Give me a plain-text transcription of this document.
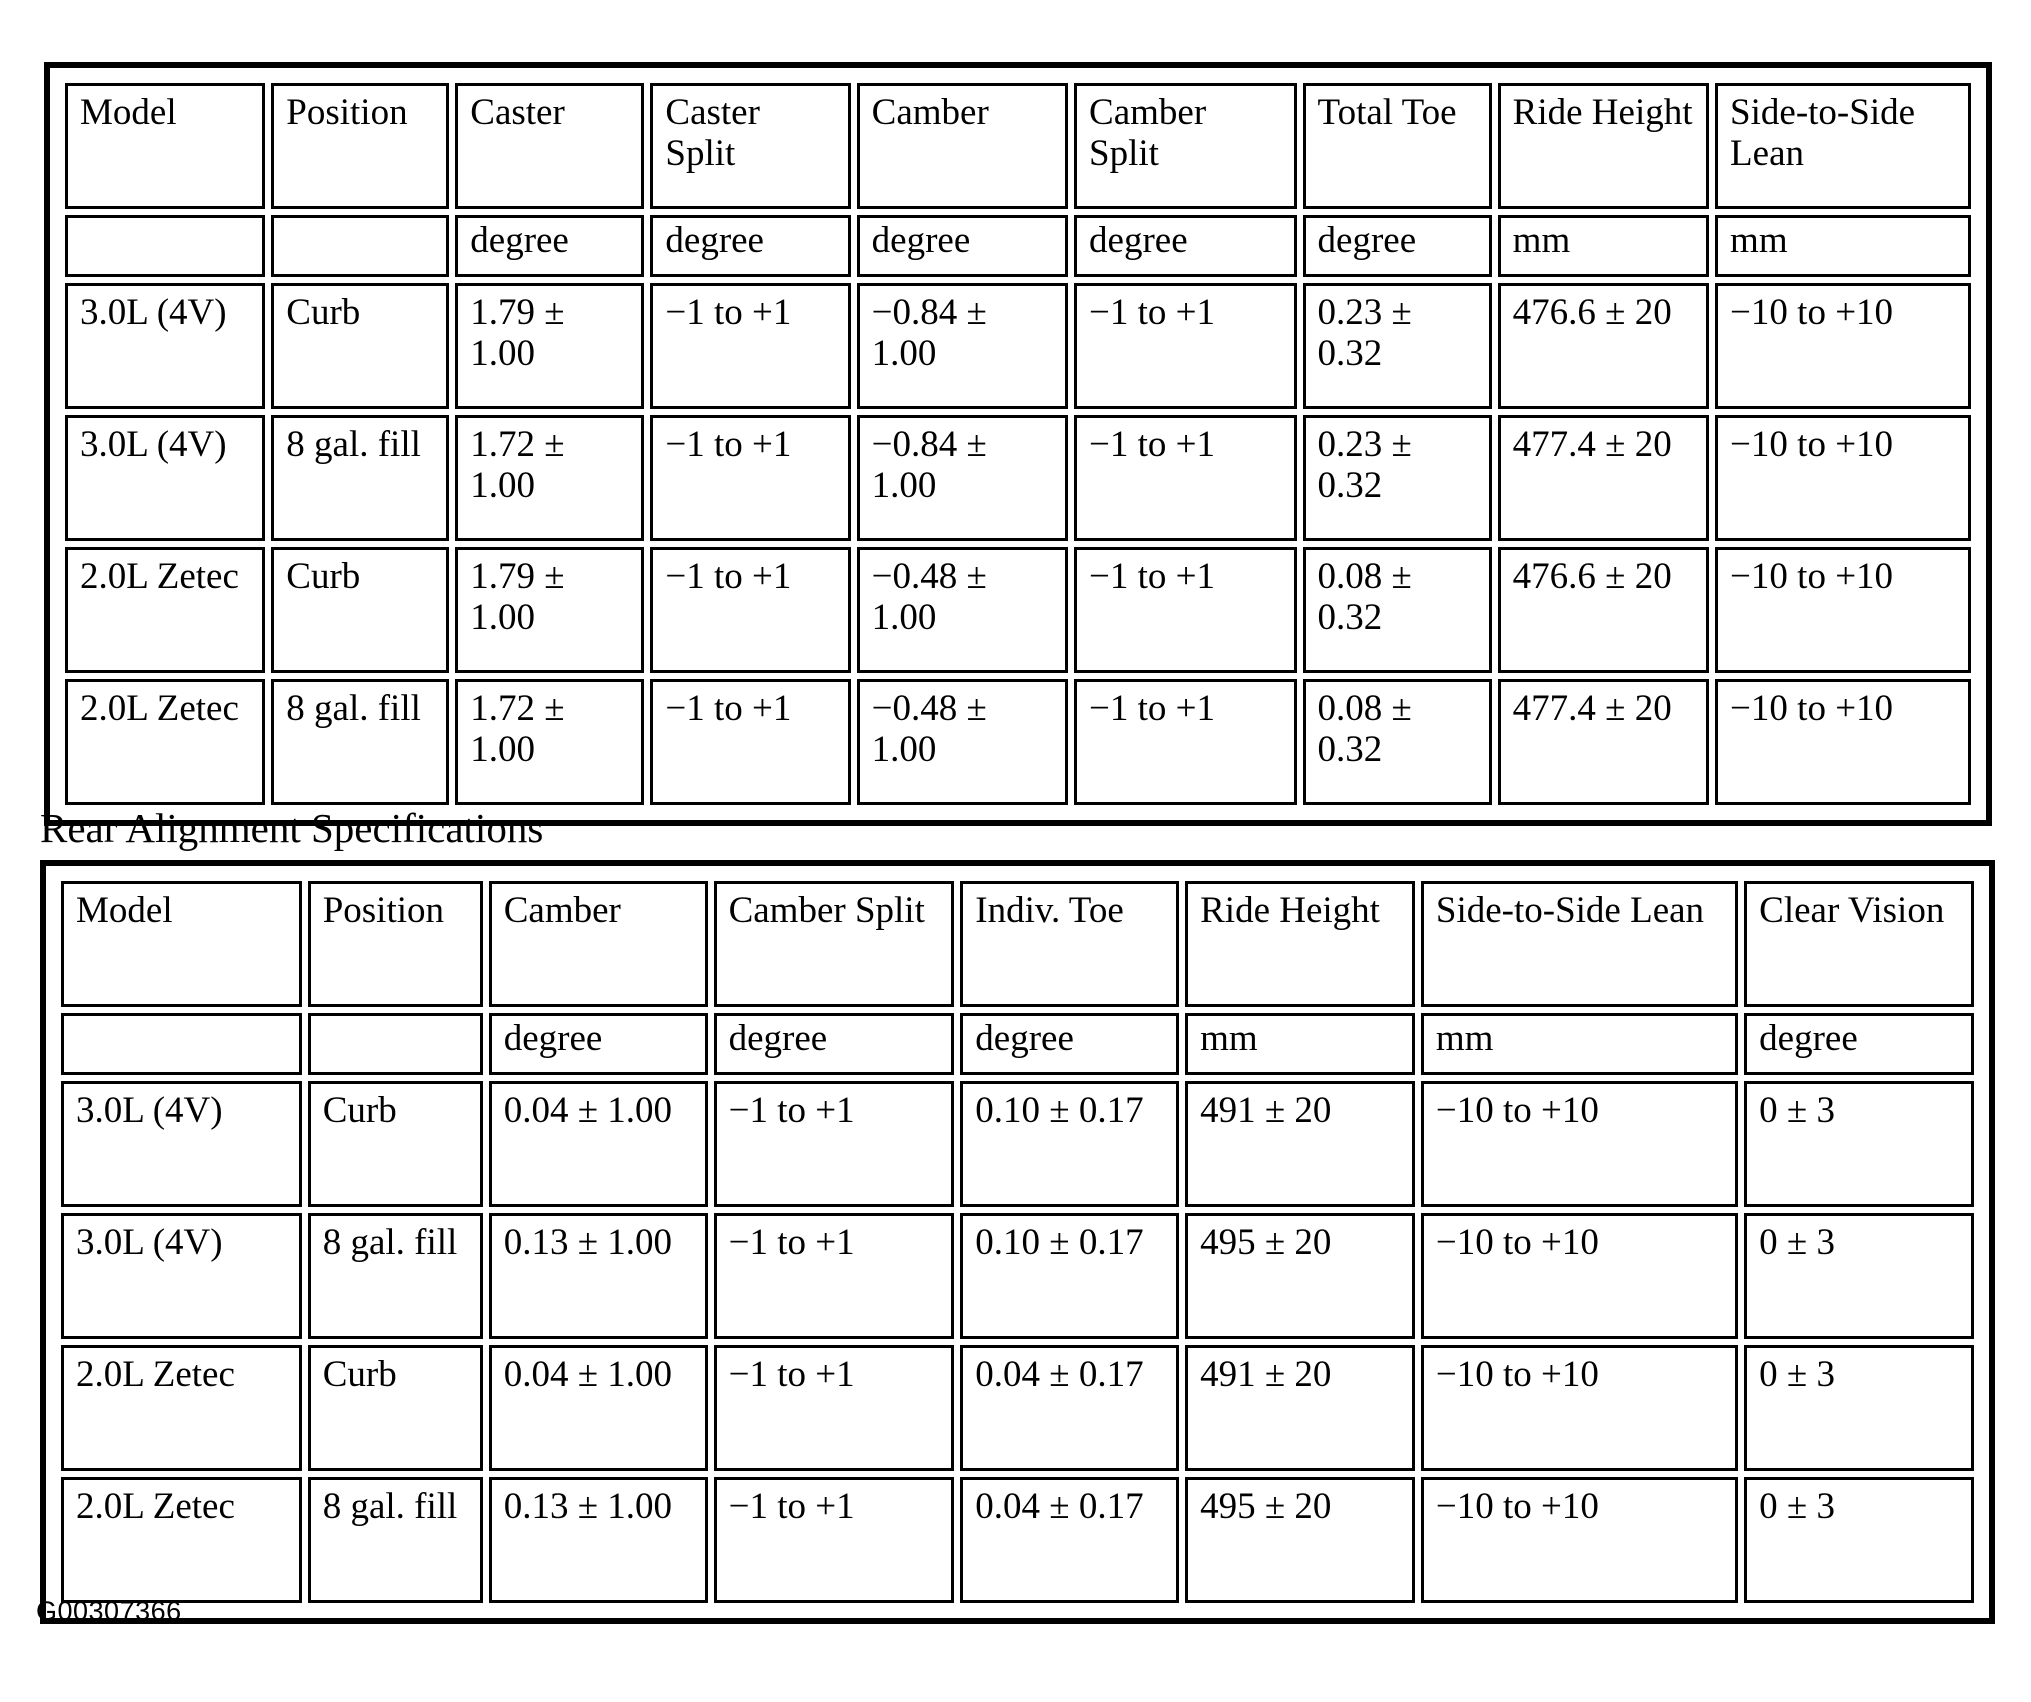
Model	Position	Caster	Caster Split	Camber	Camber Split	Total Toe	Ride Height	Side-to-Side Lean
		degree	degree	degree	degree	degree	mm	mm
3.0L (4V)	Curb	1.79 ± 1.00	−1 to +1	−0.84 ± 1.00	−1 to +1	0.23 ± 0.32	476.6 ± 20	−10 to +10
3.0L (4V)	8 gal. fill	1.72 ± 1.00	−1 to +1	−0.84 ± 1.00	−1 to +1	0.23 ± 0.32	477.4 ± 20	−10 to +10
2.0L Zetec	Curb	1.79 ± 1.00	−1 to +1	−0.48 ± 1.00	−1 to +1	0.08 ± 0.32	476.6 ± 20	−10 to +10
2.0L Zetec	8 gal. fill	1.72 ± 1.00	−1 to +1	−0.48 ± 1.00	−1 to +1	0.08 ± 0.32	477.4 ± 20	−10 to +10
Rear Alignment Specifications
Model	Position	Camber	Camber Split	Indiv. Toe	Ride Height	Side-to-Side Lean	Clear Vision
		degree	degree	degree	mm	mm	degree
3.0L (4V)	Curb	0.04 ± 1.00	−1 to +1	0.10 ± 0.17	491 ± 20	−10 to +10	0 ± 3
3.0L (4V)	8 gal. fill	0.13 ± 1.00	−1 to +1	0.10 ± 0.17	495 ± 20	−10 to +10	0 ± 3
2.0L Zetec	Curb	0.04 ± 1.00	−1 to +1	0.04 ± 0.17	491 ± 20	−10 to +10	0 ± 3
2.0L Zetec	8 gal. fill	0.13 ± 1.00	−1 to +1	0.04 ± 0.17	495 ± 20	−10 to +10	0 ± 3
G00307366
